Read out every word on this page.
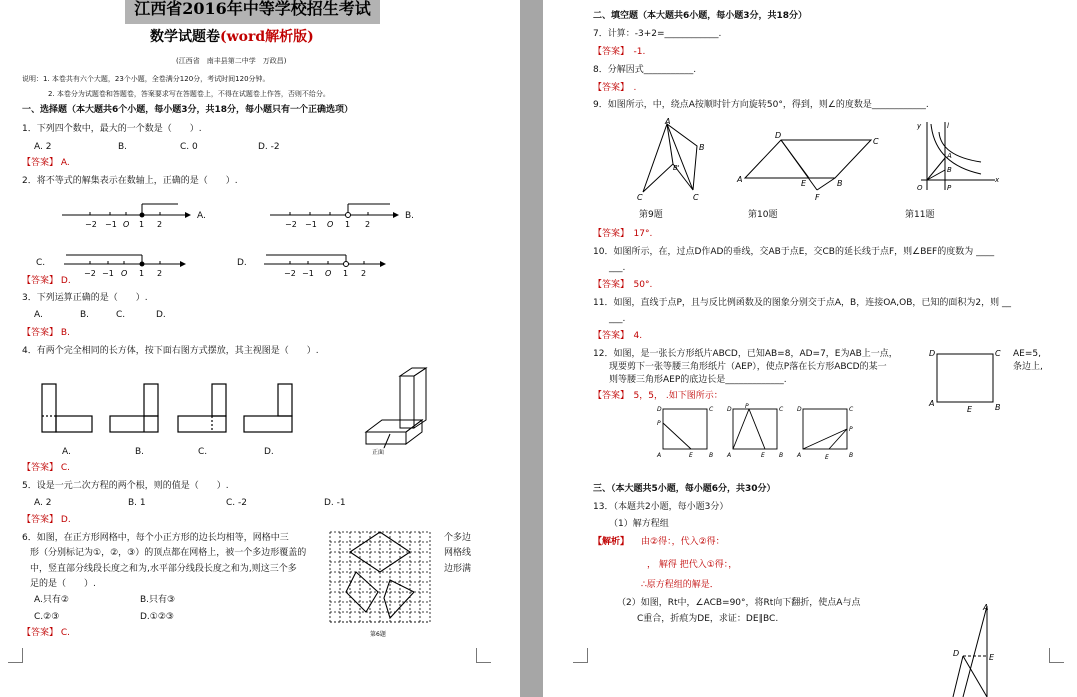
江西省2016年中等学校招生考试
数学试题卷(word解析版)
(江西省　南丰县第二中学　万政昌)
说明：1. 本卷共有六个大题，23个小题，全卷满分120分，考试时间120分钟。
2. 本卷分为试题卷和答题卷，答案要求写在答题卷上，不得在试题卷上作答，否则不给分。
一、选择题（本大题共6个小题，每小题3分，共18分，每小题只有一个正确选项）
1．下列四个数中，最大的一个数是（　　）.
A. 2	B.	C. 0	D. -2
【答案】 A.
2．将不等式的解集表示在数轴上，正确的是（　　）.
−2 −1 O 1 2
A.
−2 −1 O 1 2
B.
C.
−2 −1 O 1 2
D.
−2 −1 O 1 2
【答案】 D.
3．下列运算正确的是（　　）.
A.	B.	C.	D.
【答案】 B.
4．有两个完全相同的长方体，按下面右图方式摆放，其主视图是（　　）.
正面
A.	B.	C.	D.
【答案】 C.
5．设是一元二次方程的两个根，则的值是（　　）.
A. 2	B. 1	C. -2	D. -1
【答案】 D.
6．如图，在正方形网格中，每个小正方形的边长均相等，网格中三
形（分别标记为①，②，③）的顶点都在网格上，被一个多边形覆盖的
中，竖直部分线段长度之和为,水平部分线段长度之和为,则这三个多
足的是（　　）.
个多边
网格线
边形满
A.只有②	B.只有③
C.②③	D.①②③
【答案】 C.	第6题
二、填空题（本大题共6小题，每小题3分，共18分）
7．计算：-3+2=____________.
【答案】　 -1.
8．分解因式___________.
【答案】　 .
9．如图所示，中，绕点A按顺时针方向旋转50°，得到，则∠的度数是____________.
A
B
B'
C	C
A
D
C
E	B
F
y	l
x
O	P
A
B
第9题	第10题	第11题
【答案】　 17°.
10．如图所示，在，过点D作AD的垂线，交AB于点E，交CB的延长线于点F，则∠BEF的度数为 ____
___.
【答案】　 50°.
11．如图，直线于点P，且与反比例函数及的图象分别交于点A，B，连接OA,OB，已知的面积为2，则 __
___.
【答案】　 4.
12．如图，是一张长方形纸片ABCD，已知AB=8，AD=7，E为AB上一点，
现要剪下一张等腰三角形纸片（AEP），使点P落在长方形ABCD的某一
则等腰三角形AEP的底边长是_____________.
AE=5,
条边上,
D	C
A	B
E
【答案】　 5，5， .如下图所示：
D	C
P
A	E	B
D P	C
A	E B
D	C
P
A	E	B
三、（本大题共5小题，每小题6分，共30分）
13．（本题共2小题，每小题3分）
（1）解方程组
【解析】 由②得：，代入②得：
， 解得 把代入①得：，
∴原方程组的解是．
（2）如图，Rt中，∠ACB=90°，将Rt向下翻折，使点A与点
C重合，折痕为DE，求证：DE∥BC.
A
D	E
